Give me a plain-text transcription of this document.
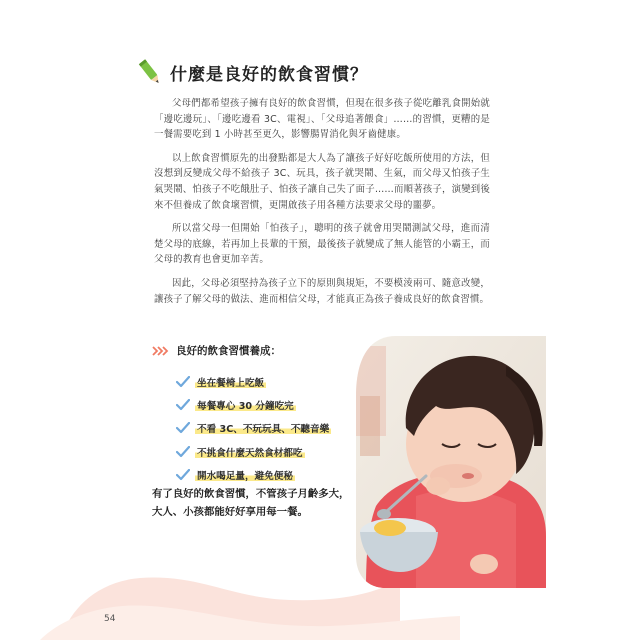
什麼是良好的飲食習慣？

父母們都希望孩子擁有良好的飲食習慣，但現在很多孩子從吃離乳食開始就「邊吃邊玩」、「邊吃邊看 3C、電視」、「父母追著餵食」……的習慣，更糟的是一餐需要吃到 1 小時甚至更久，影響腸胃消化與牙齒健康。

以上飲食習慣原先的出發點都是大人為了讓孩子好好吃飯所使用的方法，但沒想到反變成父母不給孩子 3C、玩具，孩子就哭鬧、生氣，而父母又怕孩子生氣哭鬧、怕孩子不吃餓肚子、怕孩子讓自己失了面子……而順著孩子，演變到後來不但養成了飲食壞習慣，更開啟孩子用各種方法要求父母的噩夢。

所以當父母一但開始「怕孩子」，聰明的孩子就會用哭鬧測試父母，進而清楚父母的底線，若再加上長輩的干預，最後孩子就變成了無人能管的小霸王，而父母的教育也會更加辛苦。

因此，父母必須堅持為孩子立下的原則與規矩，不要模淩兩可、隨意改變，讓孩子了解父母的做法、進而相信父母，才能真正為孩子養成良好的飲食習慣。

良好的飲食習慣養成：
坐在餐椅上吃飯
每餐專心 30 分鐘吃完
不看 3C、不玩玩具、不聽音樂
不挑食什麼天然食材都吃
開水喝足量，避免便秘

有了良好的飲食習慣，不管孩子月齡多大，大人、小孩都能好好享用每一餐。

54
